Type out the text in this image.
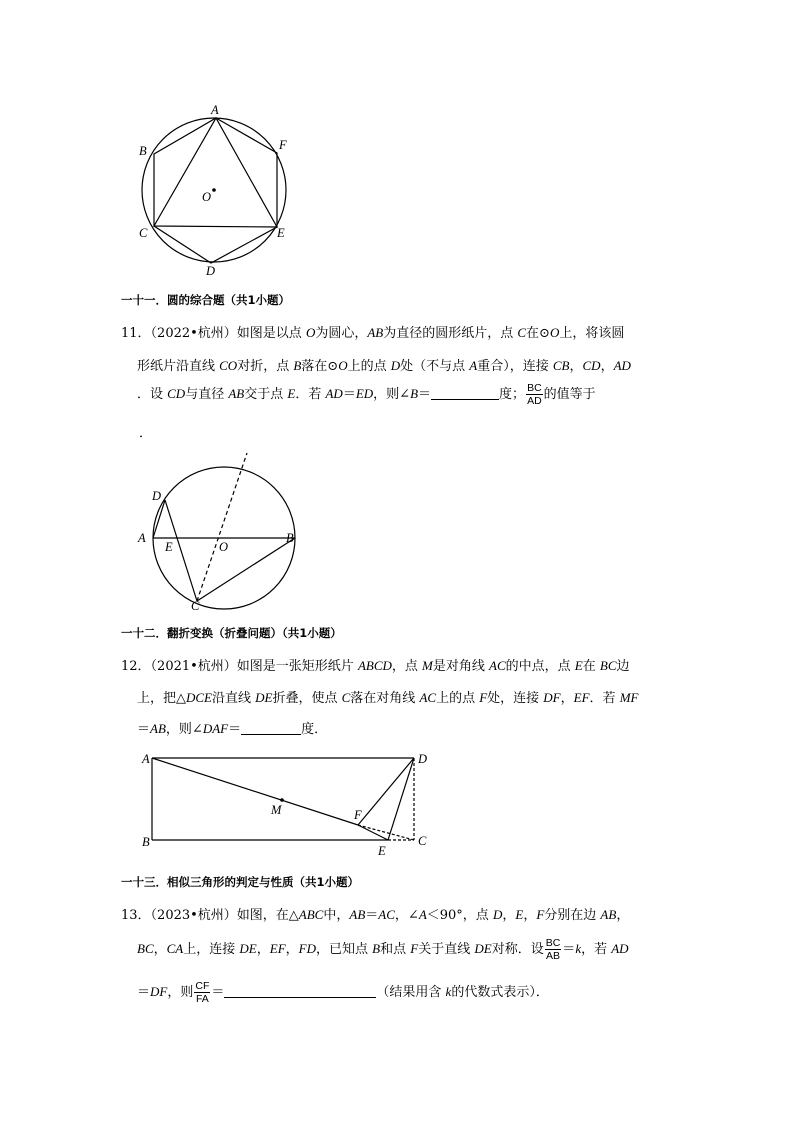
A
B	F
O
C	E
D
一十一．圆的综合题（共1小题）
11．（2022•杭州）如图是以点 O为圆心，AB为直径的圆形纸片，点 C在⊙O上，将该圆
形纸片沿直线 CO对折，点 B落在⊙O上的点 D处（不与点 A重合），连接 CB，CD，AD
．设 CD与直径 AB交于点 E．若 AD＝ED，则∠B＝	度； $\frac{BC}{AD}$ 的值等于
．
D
A
E	O
B
C
一十二．翻折变换（折叠问题）（共1小题）
12．（2021•杭州）如图是一张矩形纸片 ABCD，点 M是对角线 AC的中点，点 E在 BC边
上，把△DCE沿直线 DE折叠，使点 C落在对角线 AC上的点 F处，连接 DF，EF．若 MF
＝AB，则∠DAF＝	度．
A	D
M	F
B	C
E
一十三．相似三角形的判定与性质（共1小题）
13．（2023•杭州）如图，在△ABC中，AB＝AC，∠A＜90°，点 D，E，F分别在边 AB，
BC，CA上，连接 DE，EF，FD，已知点 B和点 F关于直线 DE对称．设 $\frac{BC}{AB} =k$，若 AD
＝DF，则 $\frac{CF}{FA}$ ＝	（结果用含 k的代数式表示）．
